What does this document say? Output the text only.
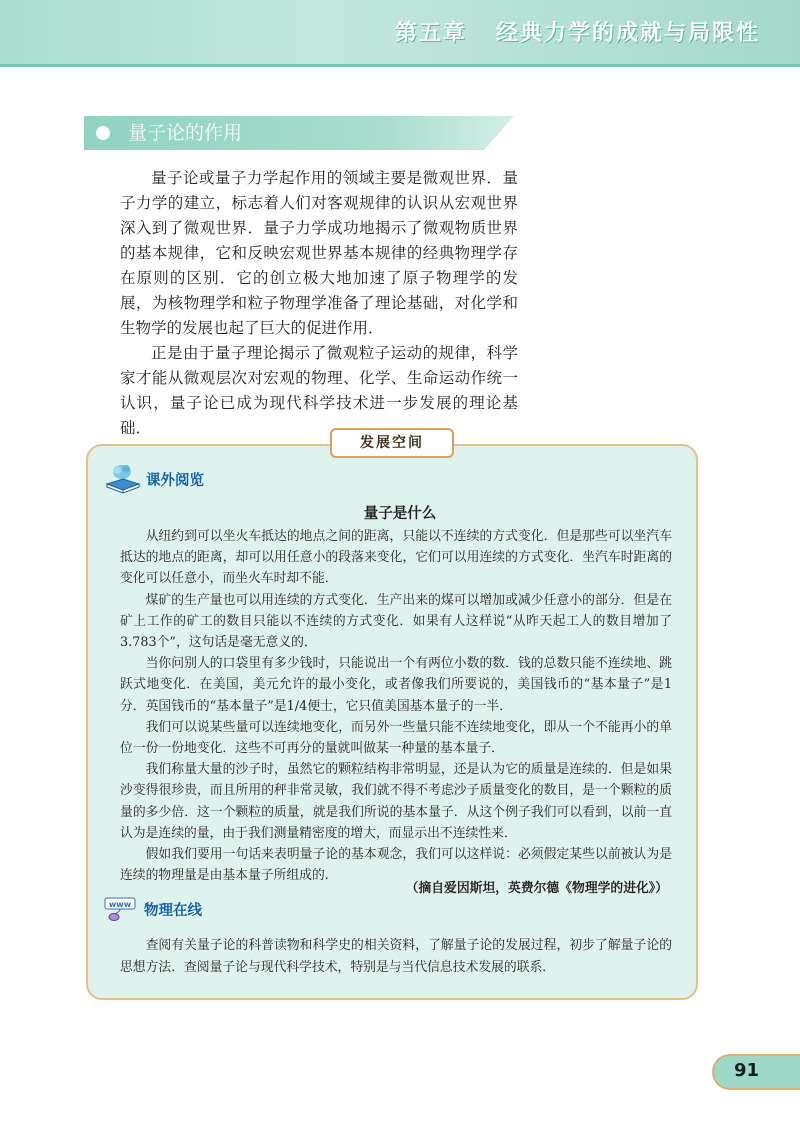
第五章   经典力学的成就与局限性
量子论的作用

量子论或量子力学起作用的领域主要是微观世界．量子力学的建立，标志着人们对客观规律的认识从宏观世界深入到了微观世界．量子力学成功地揭示了微观物质世界的基本规律，它和反映宏观世界基本规律的经典物理学存在原则的区别．它的创立极大地加速了原子物理学的发展，为核物理学和粒子物理学准备了理论基础，对化学和生物学的发展也起了巨大的促进作用．

正是由于量子理论揭示了微观粒子运动的规律，科学家才能从微观层次对宏观的物理、化学、生命运动作统一认识，量子论已成为现代科学技术进一步发展的理论基础．

发展空间
课外阅览
量子是什么

从纽约到可以坐火车抵达的地点之间的距离，只能以不连续的方式变化．但是那些可以坐汽车抵达的地点的距离，却可以用任意小的段落来变化，它们可以用连续的方式变化．坐汽车时距离的变化可以任意小，而坐火车时却不能．

煤矿的生产量也可以用连续的方式变化．生产出来的煤可以增加或减少任意小的部分．但是在矿上工作的矿工的数目只能以不连续的方式变化．如果有人这样说“从昨天起工人的数目增加了3.783个”，这句话是毫无意义的．

当你问别人的口袋里有多少钱时，只能说出一个有两位小数的数．钱的总数只能不连续地、跳跃式地变化．在美国，美元允许的最小变化，或者像我们所要说的，美国钱币的“基本量子”是1分．英国钱币的“基本量子”是1/4便士，它只值美国基本量子的一半．

我们可以说某些量可以连续地变化，而另外一些量只能不连续地变化，即从一个不能再小的单位一份一份地变化．这些不可再分的量就叫做某一种量的基本量子．

我们称量大量的沙子时，虽然它的颗粒结构非常明显，还是认为它的质量是连续的．但是如果沙变得很珍贵，而且所用的秤非常灵敏，我们就不得不考虑沙子质量变化的数目，是一个颗粒的质量的多少倍．这一个颗粒的质量，就是我们所说的基本量子．从这个例子我们可以看到，以前一直认为是连续的量，由于我们测量精密度的增大，而显示出不连续性来．

假如我们要用一句话来表明量子论的基本观念，我们可以这样说：必须假定某些以前被认为是连续的物理量是由基本量子所组成的．

（摘自爱因斯坦，英费尔德《物理学的进化》）
www 物理在线

查阅有关量子论的科普读物和科学史的相关资料，了解量子论的发展过程，初步了解量子论的思想方法．查阅量子论与现代科学技术，特别是与当代信息技术发展的联系．

91
